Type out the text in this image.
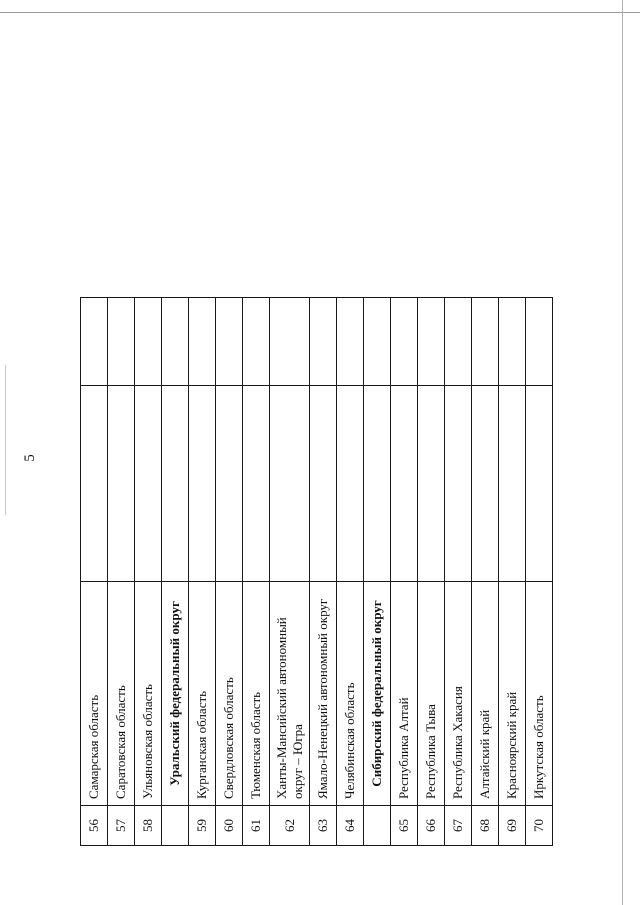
5
56	Самарская область		
57	Саратовская область		
58	Ульяновская область		
	Уральский федеральный округ		
59	Курганская область		
60	Свердловская область		
61	Тюменская область		
62	Ханты-Мансийский автономный округ – Югра		
63	Ямало-Ненецкий автономный округ		
64	Челябинская область		
	Сибирский федеральный округ		
65	Республика Алтай		
66	Республика Тыва		
67	Республика Хакасия		
68	Алтайский край		
69	Красноярский край		
70	Иркутская область		
